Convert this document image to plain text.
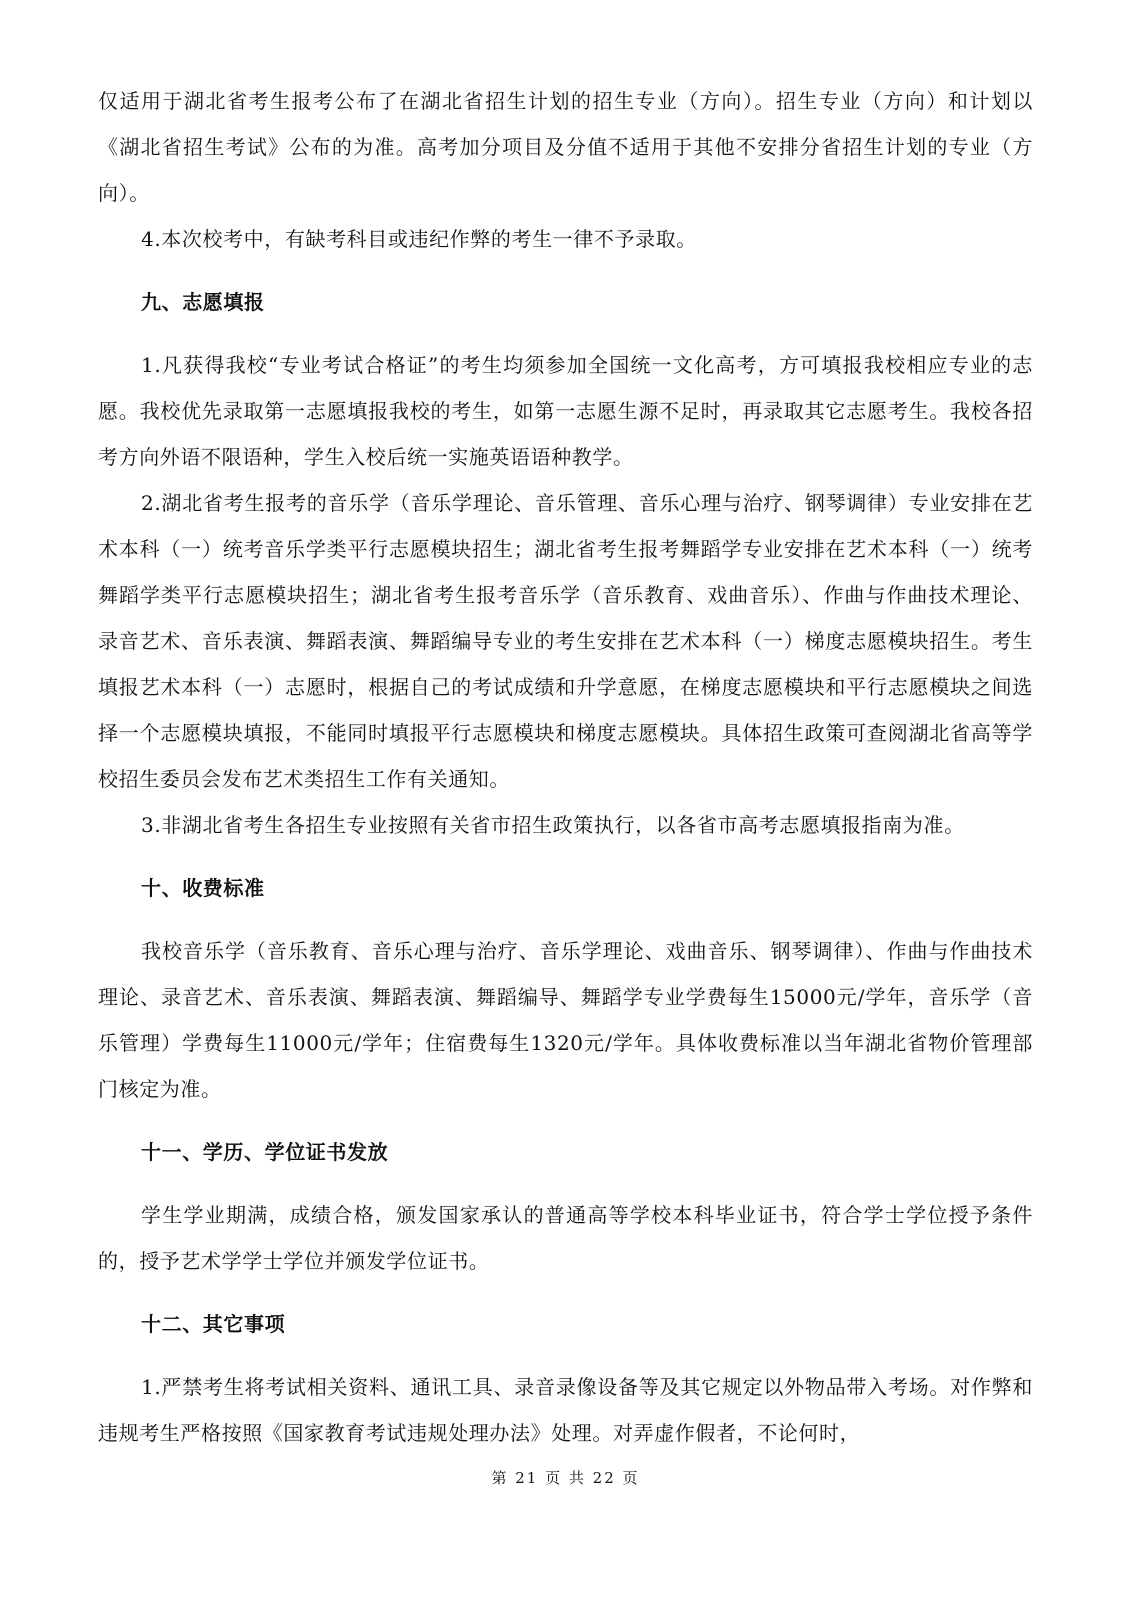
仅适用于湖北省考生报考公布了在湖北省招生计划的招生专业（方向）。招生专业（方向）和计划以《湖北省招生考试》公布的为准。高考加分项目及分值不适用于其他不安排分省招生计划的专业（方向）。

4.本次校考中，有缺考科目或违纪作弊的考生一律不予录取。

九、志愿填报

1.凡获得我校“专业考试合格证”的考生均须参加全国统一文化高考，方可填报我校相应专业的志愿。我校优先录取第一志愿填报我校的考生，如第一志愿生源不足时，再录取其它志愿考生。我校各招考方向外语不限语种，学生入校后统一实施英语语种教学。

2.湖北省考生报考的音乐学（音乐学理论、音乐管理、音乐心理与治疗、钢琴调律）专业安排在艺术本科（一）统考音乐学类平行志愿模块招生；湖北省考生报考舞蹈学专业安排在艺术本科（一）统考舞蹈学类平行志愿模块招生；湖北省考生报考音乐学（音乐教育、戏曲音乐）、作曲与作曲技术理论、录音艺术、音乐表演、舞蹈表演、舞蹈编导专业的考生安排在艺术本科（一）梯度志愿模块招生。考生填报艺术本科（一）志愿时，根据自己的考试成绩和升学意愿，在梯度志愿模块和平行志愿模块之间选择一个志愿模块填报，不能同时填报平行志愿模块和梯度志愿模块。具体招生政策可查阅湖北省高等学校招生委员会发布艺术类招生工作有关通知。

3.非湖北省考生各招生专业按照有关省市招生政策执行，以各省市高考志愿填报指南为准。

十、收费标准

我校音乐学（音乐教育、音乐心理与治疗、音乐学理论、戏曲音乐、钢琴调律）、作曲与作曲技术理论、录音艺术、音乐表演、舞蹈表演、舞蹈编导、舞蹈学专业学费每生15000元/学年，音乐学（音乐管理）学费每生11000元/学年；住宿费每生1320元/学年。具体收费标准以当年湖北省物价管理部门核定为准。

十一、学历、学位证书发放

学生学业期满，成绩合格，颁发国家承认的普通高等学校本科毕业证书，符合学士学位授予条件的，授予艺术学学士学位并颁发学位证书。

十二、其它事项

1.严禁考生将考试相关资料、通讯工具、录音录像设备等及其它规定以外物品带入考场。对作弊和违规考生严格按照《国家教育考试违规处理办法》处理。对弄虚作假者，不论何时，

第 21 页 共 22 页
